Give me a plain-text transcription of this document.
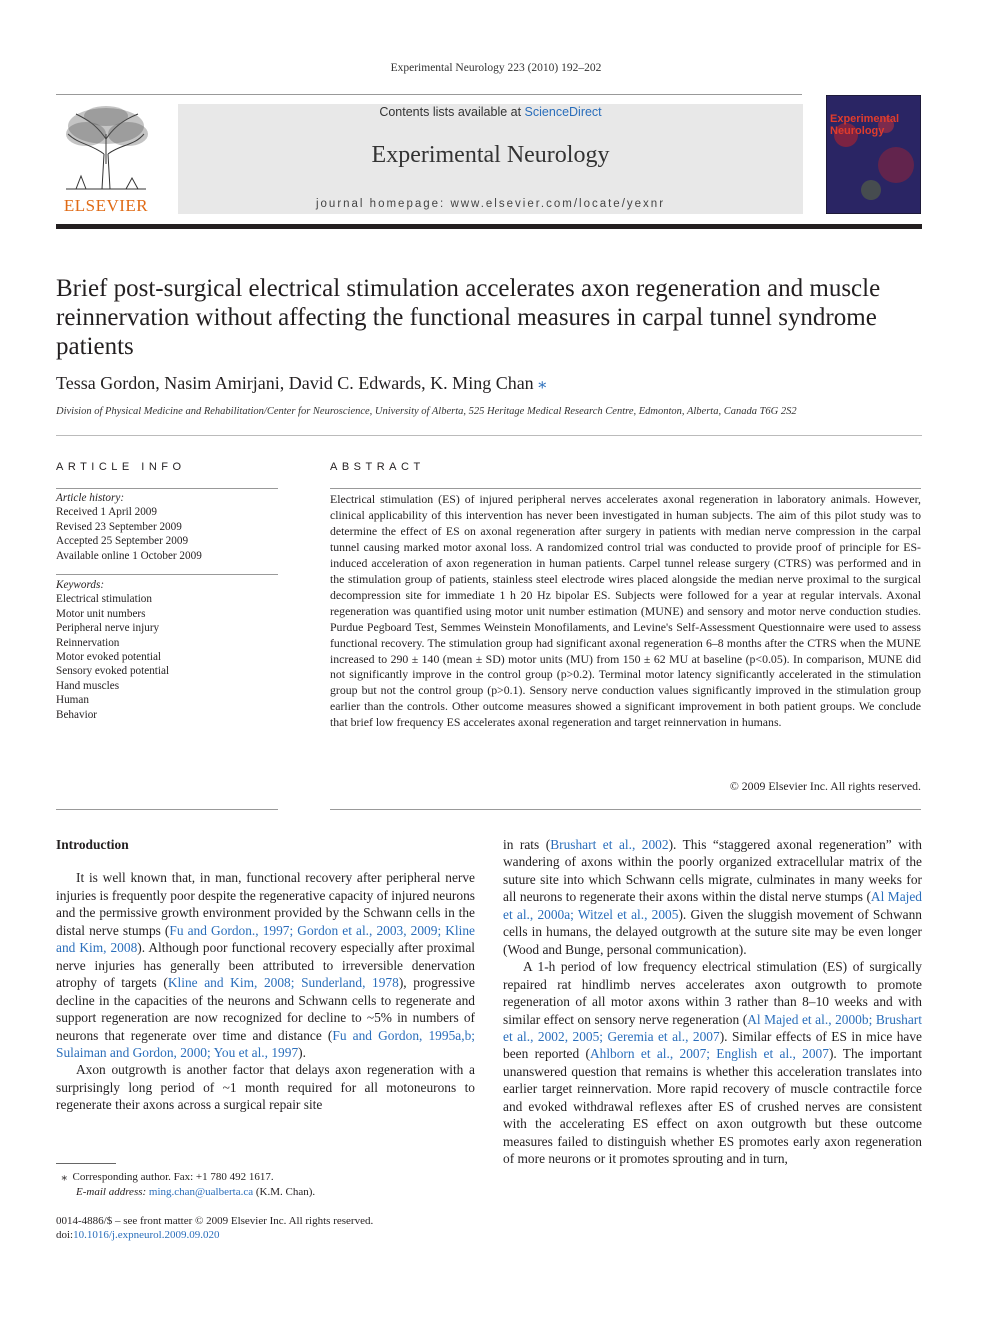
Experimental Neurology 223 (2010) 192–202
ELSEVIER
Contents lists available at ScienceDirect
Experimental Neurology
journal homepage: www.elsevier.com/locate/yexnr
Experimental Neurology
Brief post-surgical electrical stimulation accelerates axon regeneration and muscle reinnervation without affecting the functional measures in carpal tunnel syndrome patients
Tessa Gordon, Nasim Amirjani, David C. Edwards, K. Ming Chan ⁎
Division of Physical Medicine and Rehabilitation/Center for Neuroscience, University of Alberta, 525 Heritage Medical Research Centre, Edmonton, Alberta, Canada T6G 2S2
ARTICLE INFO
Article history:
Received 1 April 2009
Revised 23 September 2009
Accepted 25 September 2009
Available online 1 October 2009
Keywords:
Electrical stimulation
Motor unit numbers
Peripheral nerve injury
Reinnervation
Motor evoked potential
Sensory evoked potential
Hand muscles
Human
Behavior
ABSTRACT
Electrical stimulation (ES) of injured peripheral nerves accelerates axonal regeneration in laboratory animals. However, clinical applicability of this intervention has never been investigated in human subjects. The aim of this pilot study was to determine the effect of ES on axonal regeneration after surgery in patients with median nerve compression in the carpal tunnel causing marked motor axonal loss. A randomized control trial was conducted to provide proof of principle for ES-induced acceleration of axon regeneration in human patients. Carpel tunnel release surgery (CTRS) was performed and in the stimulation group of patients, stainless steel electrode wires placed alongside the median nerve proximal to the surgical decompression site for immediate 1 h 20 Hz bipolar ES. Subjects were followed for a year at regular intervals. Axonal regeneration was quantified using motor unit number estimation (MUNE) and sensory and motor nerve conduction studies. Purdue Pegboard Test, Semmes Weinstein Monofilaments, and Levine's Self-Assessment Questionnaire were used to assess functional recovery. The stimulation group had significant axonal regeneration 6–8 months after the CTRS when the MUNE increased to 290 ± 140 (mean ± SD) motor units (MU) from 150 ± 62 MU at baseline (p<0.05). In comparison, MUNE did not significantly improve in the control group (p>0.2). Terminal motor latency significantly accelerated in the stimulation group but not the control group (p>0.1). Sensory nerve conduction values significantly improved in the stimulation group earlier than the controls. Other outcome measures showed a significant improvement in both patient groups. We conclude that brief low frequency ES accelerates axonal regeneration and target reinnervation in humans.
© 2009 Elsevier Inc. All rights reserved.
Introduction

It is well known that, in man, functional recovery after peripheral nerve injuries is frequently poor despite the regenerative capacity of injured neurons and the permissive growth environment provided by the Schwann cells in the distal nerve stumps (Fu and Gordon., 1997; Gordon et al., 2003, 2009; Kline and Kim, 2008). Although poor functional recovery especially after proximal nerve injuries has generally been attributed to irreversible denervation atrophy of targets (Kline and Kim, 2008; Sunderland, 1978), progressive decline in the capacities of the neurons and Schwann cells to regenerate and support regeneration are now recognized for decline to ~5% in numbers of neurons that regenerate over time and distance (Fu and Gordon, 1995a,b; Sulaiman and Gordon, 2000; You et al., 1997).

Axon outgrowth is another factor that delays axon regeneration with a surprisingly long period of ~1 month required for all motoneurons to regenerate their axons across a surgical repair site

in rats (Brushart et al., 2002). This “staggered axonal regeneration” with wandering of axons within the poorly organized extracellular matrix of the suture site into which Schwann cells migrate, culminates in many weeks for all neurons to regenerate their axons within the distal nerve stumps (Al Majed et al., 2000a; Witzel et al., 2005). Given the sluggish movement of Schwann cells in humans, the delayed outgrowth at the suture site may be even longer (Wood and Bunge, personal communication).

A 1-h period of low frequency electrical stimulation (ES) of surgically repaired rat hindlimb nerves accelerates axon outgrowth to promote regeneration of all motor axons within 3 rather than 8–10 weeks and with similar effect on sensory nerve regeneration (Al Majed et al., 2000b; Brushart et al., 2002, 2005; Geremia et al., 2007). Similar effects of ES in mice have been reported (Ahlborn et al., 2007; English et al., 2007). The important unanswered question that remains is whether this acceleration translates into earlier target reinnervation. More rapid recovery of muscle contractile force and evoked withdrawal reflexes after ES of crushed nerves are consistent with the accelerating ES effect on axon outgrowth but these outcome measures failed to distinguish whether ES promotes early axon regeneration of more neurons or it promotes sprouting and in turn,

⁎ Corresponding author. Fax: +1 780 492 1617.
E-mail address: ming.chan@ualberta.ca (K.M. Chan).
0014-4886/$ – see front matter © 2009 Elsevier Inc. All rights reserved.
doi:10.1016/j.expneurol.2009.09.020
